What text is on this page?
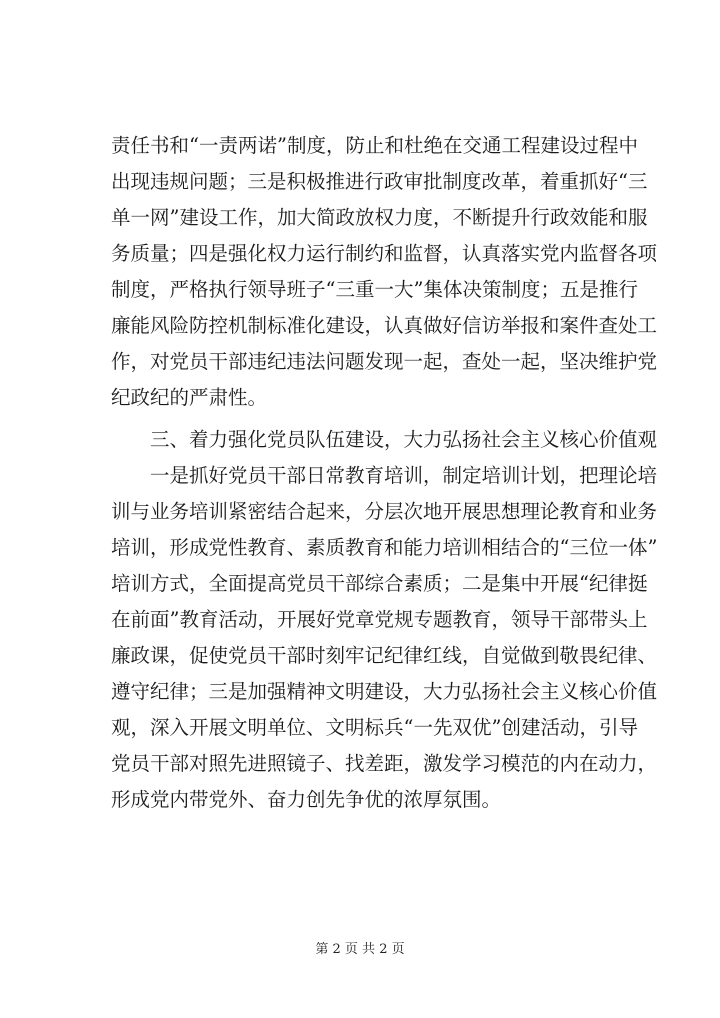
责任书和“一责两诺”制度，防止和杜绝在交通工程建设过程中
出现违规问题；三是积极推进行政审批制度改革，着重抓好“三
单一网”建设工作，加大简政放权力度，不断提升行政效能和服
务质量；四是强化权力运行制约和监督，认真落实党内监督各项
制度，严格执行领导班子“三重一大”集体决策制度；五是推行
廉能风险防控机制标准化建设，认真做好信访举报和案件查处工
作，对党员干部违纪违法问题发现一起，查处一起，坚决维护党
纪政纪的严肃性。
三、着力强化党员队伍建设，大力弘扬社会主义核心价值观
一是抓好党员干部日常教育培训，制定培训计划，把理论培
训与业务培训紧密结合起来，分层次地开展思想理论教育和业务
培训，形成党性教育、素质教育和能力培训相结合的“三位一体”
培训方式，全面提高党员干部综合素质；二是集中开展“纪律挺
在前面”教育活动，开展好党章党规专题教育，领导干部带头上
廉政课，促使党员干部时刻牢记纪律红线，自觉做到敬畏纪律、
遵守纪律；三是加强精神文明建设，大力弘扬社会主义核心价值
观，深入开展文明单位、文明标兵“一先双优”创建活动，引导
党员干部对照先进照镜子、找差距，激发学习模范的内在动力，
形成党内带党外、奋力创先争优的浓厚氛围。
第 2 页 共 2 页
